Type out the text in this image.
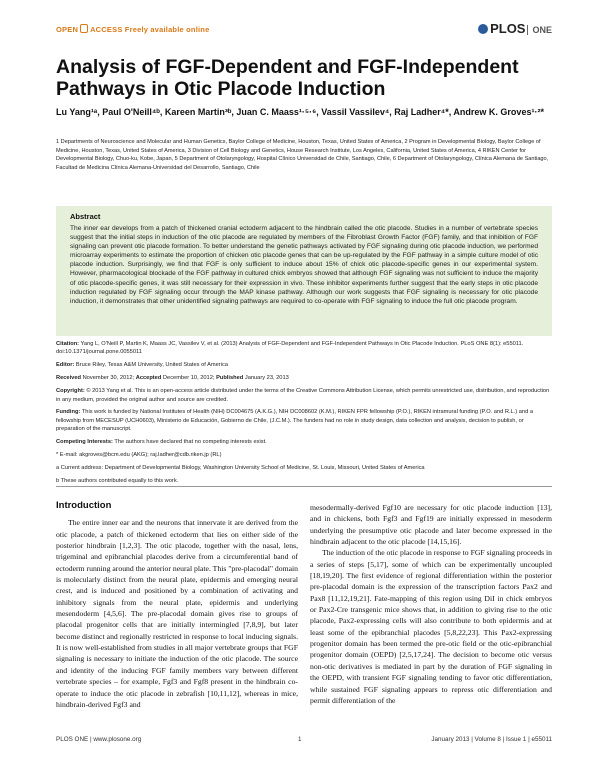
OPEN ACCESS Freely available online	PLOS ONE
Analysis of FGF-Dependent and FGF-Independent Pathways in Otic Placode Induction
Lu Yang¹ᵃ, Paul O'Neill⁴ᵇ, Kareen Martin³ᵇ, Juan C. Maass¹·⁵·⁶, Vassil Vassilev⁴, Raj Ladher⁴*, Andrew K. Groves¹·²*
1 Departments of Neuroscience and Molecular and Human Genetics, Baylor College of Medicine, Houston, Texas, United States of America, 2 Program in Developmental Biology, Baylor College of Medicine, Houston, Texas, United States of America, 3 Division of Cell Biology and Genetics, House Research Institute, Los Angeles, California, United States of America, 4 RIKEN Center for Developmental Biology, Chuo-ku, Kobe, Japan, 5 Department of Otolaryngology, Hospital Clínico Universidad de Chile, Santiago, Chile, 6 Department of Otolaryngology, Clínica Alemana de Santiago, Facultad de Medicina Clínica Alemana-Universidad del Desarrollo, Santiago, Chile
Abstract

The inner ear develops from a patch of thickened cranial ectoderm adjacent to the hindbrain called the otic placode. Studies in a number of vertebrate species suggest that the initial steps in induction of the otic placode are regulated by members of the Fibroblast Growth Factor (FGF) family, and that inhibition of FGF signaling can prevent otic placode formation. To better understand the genetic pathways activated by FGF signaling during otic placode induction, we performed microarray experiments to estimate the proportion of chicken otic placode genes that can be up-regulated by the FGF pathway in a simple culture model of otic placode induction. Surprisingly, we find that FGF is only sufficient to induce about 15% of chick otic placode-specific genes in our experimental system. However, pharmacological blockade of the FGF pathway in cultured chick embryos showed that although FGF signaling was not sufficient to induce the majority of otic placode-specific genes, it was still necessary for their expression in vivo. These inhibitor experiments further suggest that the early steps in otic placode induction regulated by FGF signaling occur through the MAP kinase pathway. Although our work suggests that FGF signaling is necessary for otic placode induction, it demonstrates that other unidentified signaling pathways are required to co-operate with FGF signaling to induce the full otic placode program.

Citation: Yang L, O'Neill P, Martin K, Maass JC, Vassilev V, et al. (2013) Analysis of FGF-Dependent and FGF-Independent Pathways in Otic Placode Induction. PLoS ONE 8(1): e55011. doi:10.1371/journal.pone.0055011

Editor: Bruce Riley, Texas A&M University, United States of America

Received November 30, 2012; Accepted December 10, 2012; Published January 23, 2013

Copyright: © 2013 Yang et al. This is an open-access article distributed under the terms of the Creative Commons Attribution License, which permits unrestricted use, distribution, and reproduction in any medium, provided the original author and source are credited.

Funding: This work is funded by National Institutes of Health (NIH) DC004675 (A.K.G.), NIH DC008602 (K.M.), RIKEN FPR fellowship (P.O.), RIKEN intramural funding (P.O. and R.L.) and a fellowship from MECESUP (UCH0603), Ministerio de Educación, Gobierno de Chile, (J.C.M.). The funders had no role in study design, data collection and analysis, decision to publish, or preparation of the manuscript.

Competing Interests: The authors have declared that no competing interests exist.

* E-mail: akgroves@bcm.edu (AKG); raj.ladher@cdb.riken.jp (RL)

a Current address: Department of Developmental Biology, Washington University School of Medicine, St. Louis, Missouri, United States of America

b These authors contributed equally to this work.

Introduction

The entire inner ear and the neurons that innervate it are derived from the otic placode, a patch of thickened ectoderm that lies on either side of the posterior hindbrain [1,2,3]. The otic placode, together with the nasal, lens, trigeminal and epibranchial placodes derive from a circumferential band of ectoderm running around the anterior neural plate. This "pre-placodal" domain is molecularly distinct from the neural plate, epidermis and emerging neural crest, and is induced and positioned by a combination of activating and inhibitory signals from the neural plate, epidermis and underlying mesendoderm [4,5,6]. The pre-placodal domain gives rise to groups of placodal progenitor cells that are initially intermingled [7,8,9], but later become distinct and regionally restricted in response to local inducing signals. It is now well-established from studies in all major vertebrate groups that FGF signaling is necessary to initiate the induction of the otic placode. The source and identity of the inducing FGF family members vary between different vertebrate species – for example, Fgf3 and Fgf8 present in the hindbrain co-operate to induce the otic placode in zebrafish [10,11,12], whereas in mice, hindbrain-derived Fgf3 and

mesodermally-derived Fgf10 are necessary for otic placode induction [13], and in chickens, both Fgf3 and Fgf19 are initially expressed in mesoderm underlying the presumptive otic placode and later become expressed in the hindbrain adjacent to the otic placode [14,15,16].

The induction of the otic placode in response to FGF signaling proceeds in a series of steps [5,17], some of which can be experimentally uncoupled [18,19,20]. The first evidence of regional differentiation within the posterior pre-placodal domain is the expression of the transcription factors Pax2 and Pax8 [11,12,19,21]. Fate-mapping of this region using DiI in chick embryos or Pax2-Cre transgenic mice shows that, in addition to giving rise to the otic placode, Pax2-expressing cells will also contribute to both epidermis and at least some of the epibranchial placodes [5,8,22,23]. This Pax2-expressing progenitor domain has been termed the pre-otic field or the otic-epibranchial progenitor domain (OEPD) [2,5,17,24]. The decision to become otic versus non-otic derivatives is mediated in part by the duration of FGF signaling in the OEPD, with transient FGF signaling tending to favor otic differentiation, while sustained FGF signaling appears to repress otic differentiation and permit differentiation of the

PLOS ONE | www.plosone.org	1	January 2013 | Volume 8 | Issue 1 | e55011
